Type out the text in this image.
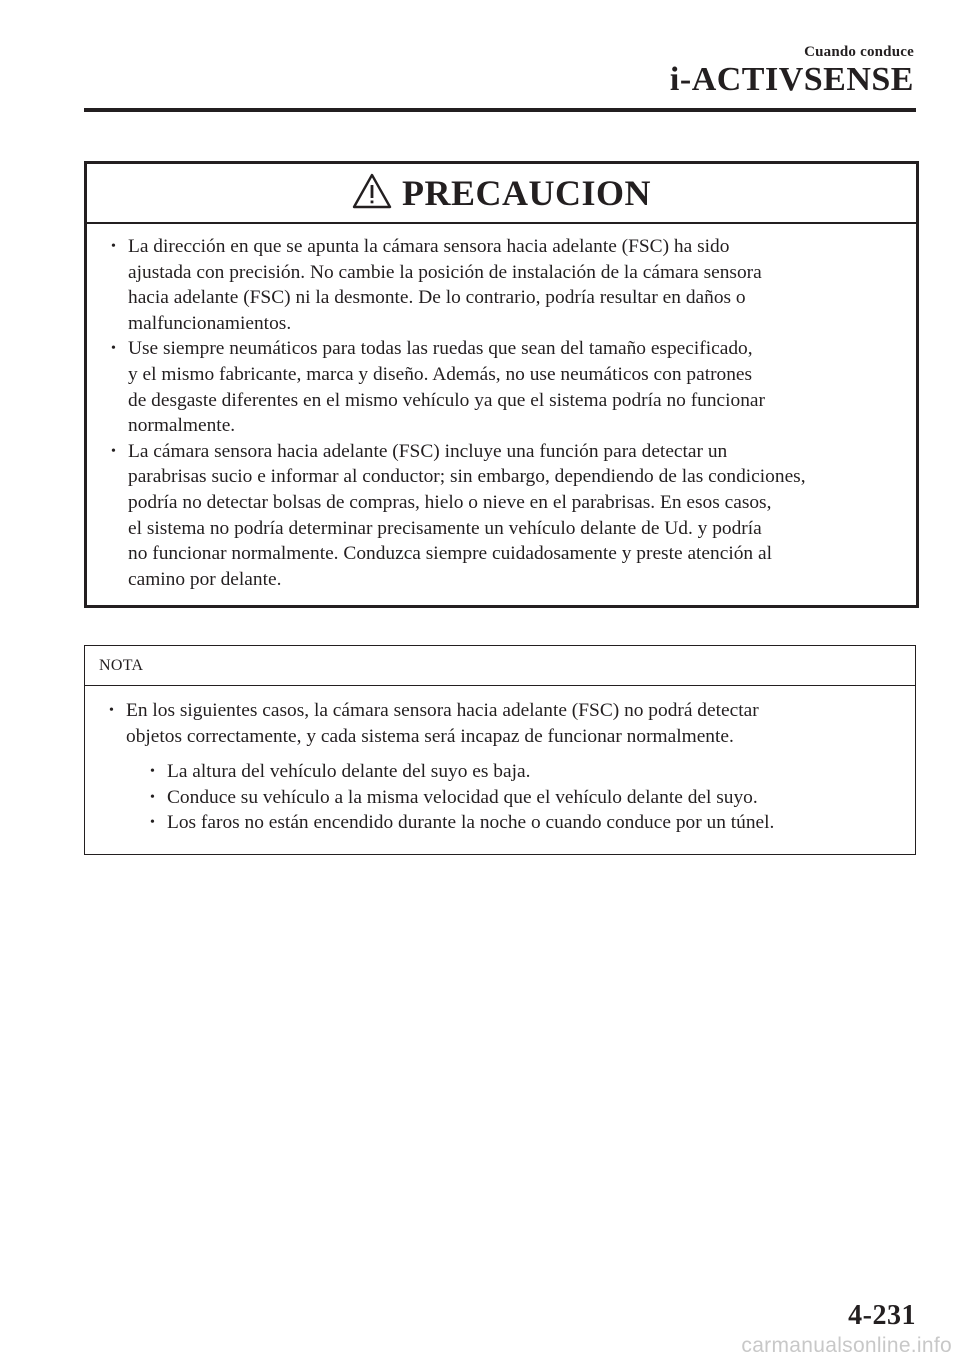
Cuando conduce
i-ACTIVSENSE
PRECAUCION
• La dirección en que se apunta la cámara sensora hacia adelante (FSC) ha sido
ajustada con precisión. No cambie la posición de instalación de la cámara sensora
hacia adelante (FSC) ni la desmonte. De lo contrario, podría resultar en daños o
malfuncionamientos.
• Use siempre neumáticos para todas las ruedas que sean del tamaño especificado,
y el mismo fabricante, marca y diseño. Además, no use neumáticos con patrones
de desgaste diferentes en el mismo vehículo ya que el sistema podría no funcionar
normalmente.
• La cámara sensora hacia adelante (FSC) incluye una función para detectar un
parabrisas sucio e informar al conductor; sin embargo, dependiendo de las condiciones,
podría no detectar bolsas de compras, hielo o nieve en el parabrisas. En esos casos,
el sistema no podría determinar precisamente un vehículo delante de Ud. y podría
no funcionar normalmente. Conduzca siempre cuidadosamente y preste atención al
camino por delante.
NOTA
• En los siguientes casos, la cámara sensora hacia adelante (FSC) no podrá detectar
objetos correctamente, y cada sistema será incapaz de funcionar normalmente.
• La altura del vehículo delante del suyo es baja.
• Conduce su vehículo a la misma velocidad que el vehículo delante del suyo.
• Los faros no están encendido durante la noche o cuando conduce por un túnel.
4-231
carmanualsonline.info
